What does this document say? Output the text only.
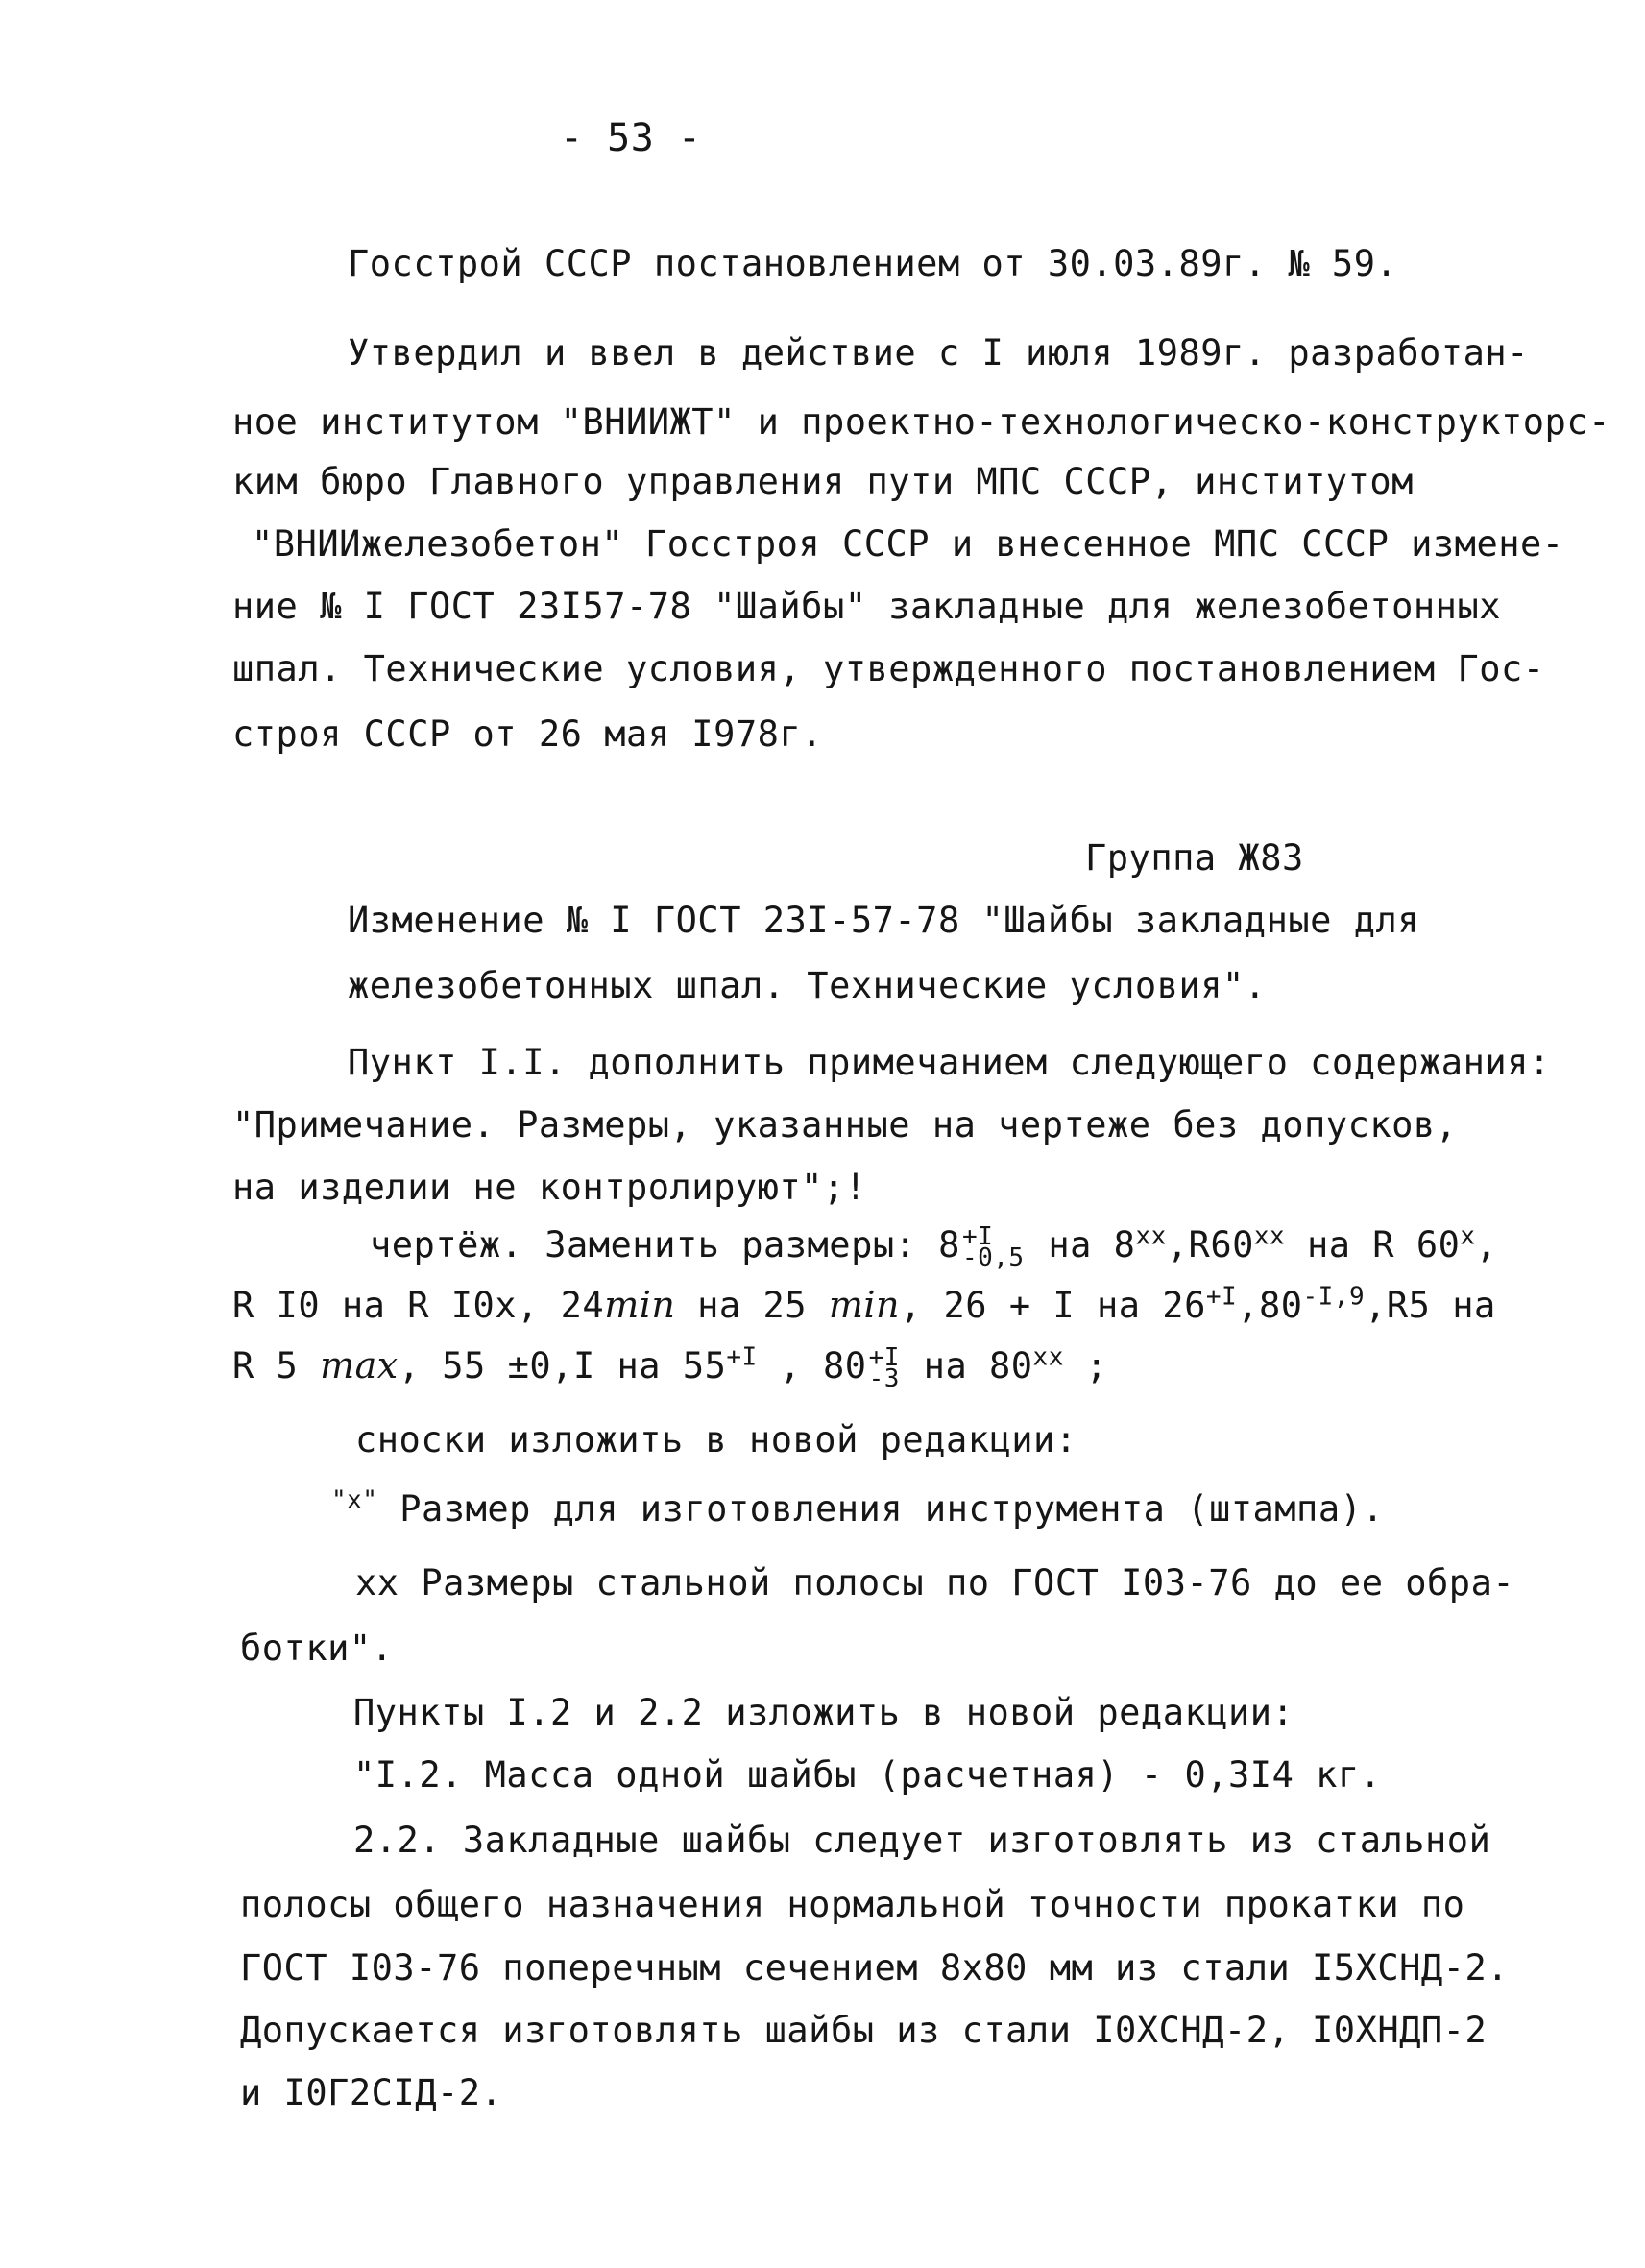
- 53 -
Госстрой СССР постановлением от 30.03.89г. № 59.
Утвердил и ввел в действие с I июля 1989г. разработан-
ное институтом "ВНИИЖТ" и проектно-технологическо-конструкторс-
ким бюро Главного управления пути МПС СССР, институтом
"ВНИИжелезобетон" Госстроя СССР и внесенное МПС СССР измене-
ние № I ГОСТ 23I57-78 "Шайбы" закладные для железобетонных
шпал. Технические условия, утвержденного постановлением Гос-
строя СССР от 26 мая I978г.
Группа Ж83
Изменение № I ГОСТ 23I-57-78 "Шайбы закладные для
железобетонных шпал. Технические условия".
Пункт I.I. дополнить примечанием следующего содержания:
"Примечание. Размеры, указанные на чертеже без допусков,
на изделии не контролируют";!
чертёж. Заменить размеры: 8 +I
-0,5 на $8^{хх},R60^{хх}$ на R $60^х$,
R I0 на R I0х, 24min на 25 min, 26 + I на $26^{+I},80^{-I,9},R5$ на
R 5 max, 55 ±0,I на $55^{+I}$ , 80 +I
-3 на $80^{хх}$ ;
сноски изложить в новой редакции:
$^{"х"}$ Размер для изготовления инструмента (штампа).
хх Размеры стальной полосы по ГОСТ I03-76 до ее обра-
ботки".
Пункты I.2 и 2.2 изложить в новой редакции:
"I.2. Масса одной шайбы (расчетная) - 0,3I4 кг.
2.2. Закладные шайбы следует изготовлять из стальной
полосы общего назначения нормальной точности прокатки по
ГОСТ I03-76 поперечным сечением 8х80 мм из стали I5ХСНД-2.
Допускается изготовлять шайбы из стали I0ХСНД-2, I0ХНДП-2
и I0Г2СIД-2.
